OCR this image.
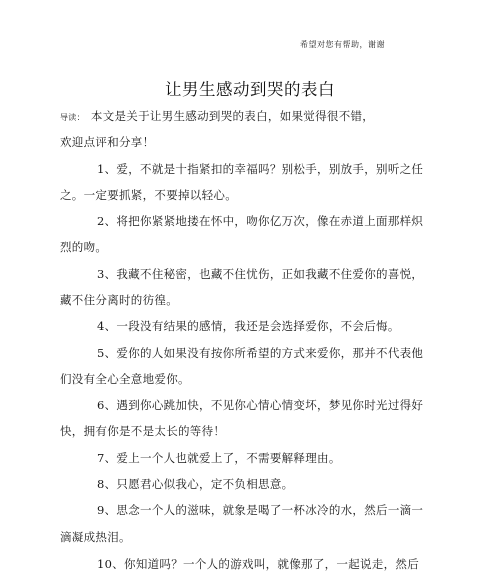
希望对您有帮助，谢谢
让男生感动到哭的表白
导读： 本文是关于让男生感动到哭的表白，如果觉得很不错，
欢迎点评和分享！
1、爱，不就是十指紧扣的幸福吗？别松手，别放手，别听之任
之。一定要抓紧，不要掉以轻心。
2、将把你紧紧地搂在怀中，吻你亿万次，像在赤道上面那样炽
烈的吻。
3、我藏不住秘密，也藏不住忧伤，正如我藏不住爱你的喜悦，
藏不住分离时的彷徨。
4、一段没有结果的感情，我还是会选择爱你，不会后悔。
5、爱你的人如果没有按你所希望的方式来爱你，那并不代表他
们没有全心全意地爱你。
6、遇到你心跳加快，不见你心情心情变坏，梦见你时光过得好
快，拥有你是不是太长的等待！
7、爱上一个人也就爱上了，不需要解释理由。
8、只愿君心似我心，定不负相思意。
9、思念一个人的滋味，就象是喝了一杯冰冷的水，然后一滴一
滴凝成热泪。
10、你知道吗？一个人的游戏叫，就像那了，一起说走，然后
